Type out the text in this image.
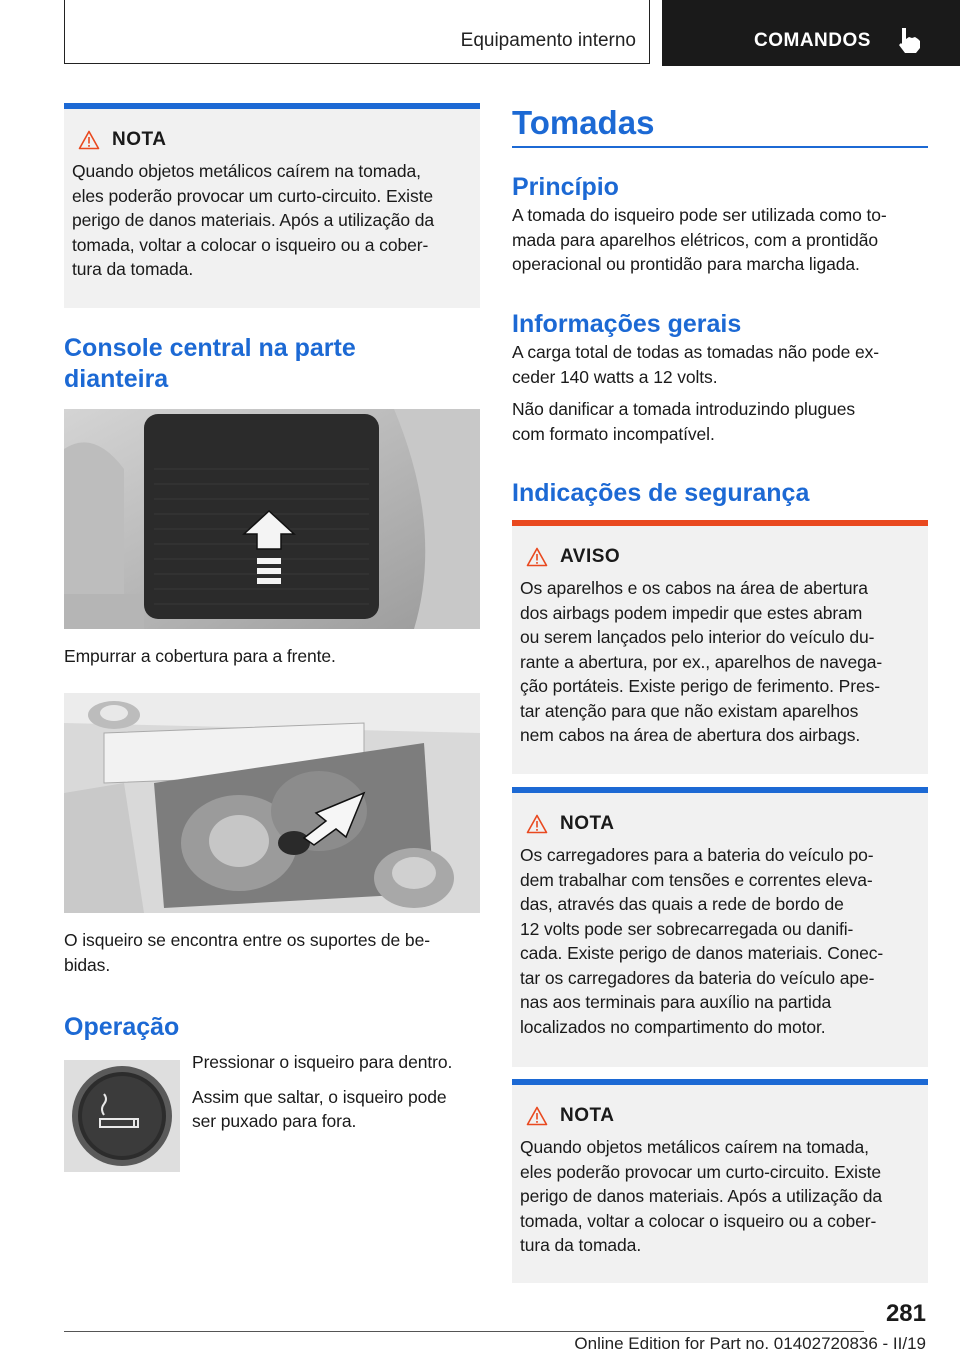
Equipamento interno	COMANDOS
NOTA
Quando objetos metálicos caírem na tomada,
eles poderão provocar um curto-circuito. Existe
perigo de danos materiais. Após a utilização da
tomada, voltar a colocar o isqueiro ou a cober-
tura da tomada.
Console central na parte
dianteira
Empurrar a cobertura para a frente.
O isqueiro se encontra entre os suportes de be-
bidas.
Operação
Pressionar o isqueiro para dentro.
Assim que saltar, o isqueiro pode
ser puxado para fora.
Tomadas
Princípio
A tomada do isqueiro pode ser utilizada como to-
mada para aparelhos elétricos, com a prontidão
operacional ou prontidão para marcha ligada.
Informações gerais
A carga total de todas as tomadas não pode ex-
ceder 140 watts a 12 volts.
Não danificar a tomada introduzindo plugues
com formato incompatível.
Indicações de segurança
AVISO
Os aparelhos e os cabos na área de abertura
dos airbags podem impedir que estes abram
ou serem lançados pelo interior do veículo du-
rante a abertura, por ex., aparelhos de navega-
ção portáteis. Existe perigo de ferimento. Pres-
tar atenção para que não existam aparelhos
nem cabos na área de abertura dos airbags.
NOTA
Os carregadores para a bateria do veículo po-
dem trabalhar com tensões e correntes eleva-
das, através das quais a rede de bordo de
12 volts pode ser sobrecarregada ou danifi-
cada. Existe perigo de danos materiais. Conec-
tar os carregadores da bateria do veículo ape-
nas aos terminais para auxílio na partida
localizados no compartimento do motor.
NOTA
Quando objetos metálicos caírem na tomada,
eles poderão provocar um curto-circuito. Existe
perigo de danos materiais. Após a utilização da
tomada, voltar a colocar o isqueiro ou a cober-
tura da tomada.
281
Online Edition for Part no. 01402720836 - II/19
